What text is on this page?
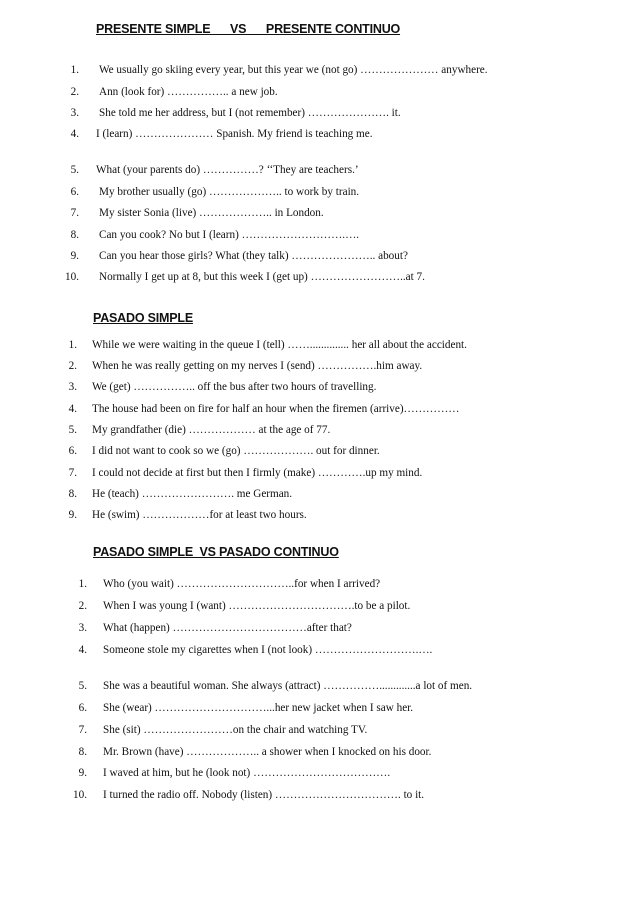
PRESENTE SIMPLE      VS      PRESENTE CONTINUO
1. We usually go skiing every year, but this year we (not go) ………………… anywhere.
2. Ann (look for) …………….. a new job.
3. She told me her address, but I (not remember) …………………. it.
4. I (learn) ………………… Spanish. My friend is teaching me.
5. What (your parents do) ……………? ‘‘They are teachers.’
6. My brother usually (go) ……………….. to work by train.
7. My sister Sonia (live) ……………….. in London.
8. Can you cook? No but I (learn) ……………………….….
9. Can you hear those girls? What (they talk) ………………….. about?
10. Normally I get up at 8, but this week I (get up) ……………………..at 7.
PASADO SIMPLE
1. While we were waiting in the queue I (tell) …….............. her all about the accident.
2. When he was really getting on my nerves I (send) …………….him away.
3. We (get) …………….. off the bus after two hours of travelling.
4. The house had been on fire for half an hour when the firemen (arrive)……………
5. My grandfather (die) ……………… at the age of 77.
6. I did not want to cook so we (go) ………………. out for dinner.
7. I could not decide at first but then I firmly (make) ………….up my mind.
8. He (teach) ……………………. me German.
9. He (swim) ………………for at least two hours.
PASADO SIMPLE  VS PASADO CONTINUO
1. Who (you wait) …………………………..for when I arrived?
2. When I was young I (want) …………………………….to be a pilot.
3. What (happen) ………………………………after that?
4. Someone stole my cigarettes when I (not look) ……………………….….
5. She was a beautiful woman. She always (attract) …………….............a lot of men.
6. She (wear) …………………………...her new jacket when I saw her.
7. She (sit) ……………………on the chair and watching TV.
8. Mr. Brown (have) ……………….. a shower when I knocked on his door.
9. I waved at him, but he (look not) ……………………………….
10. I turned the radio off. Nobody (listen) ……………………………. to it.
